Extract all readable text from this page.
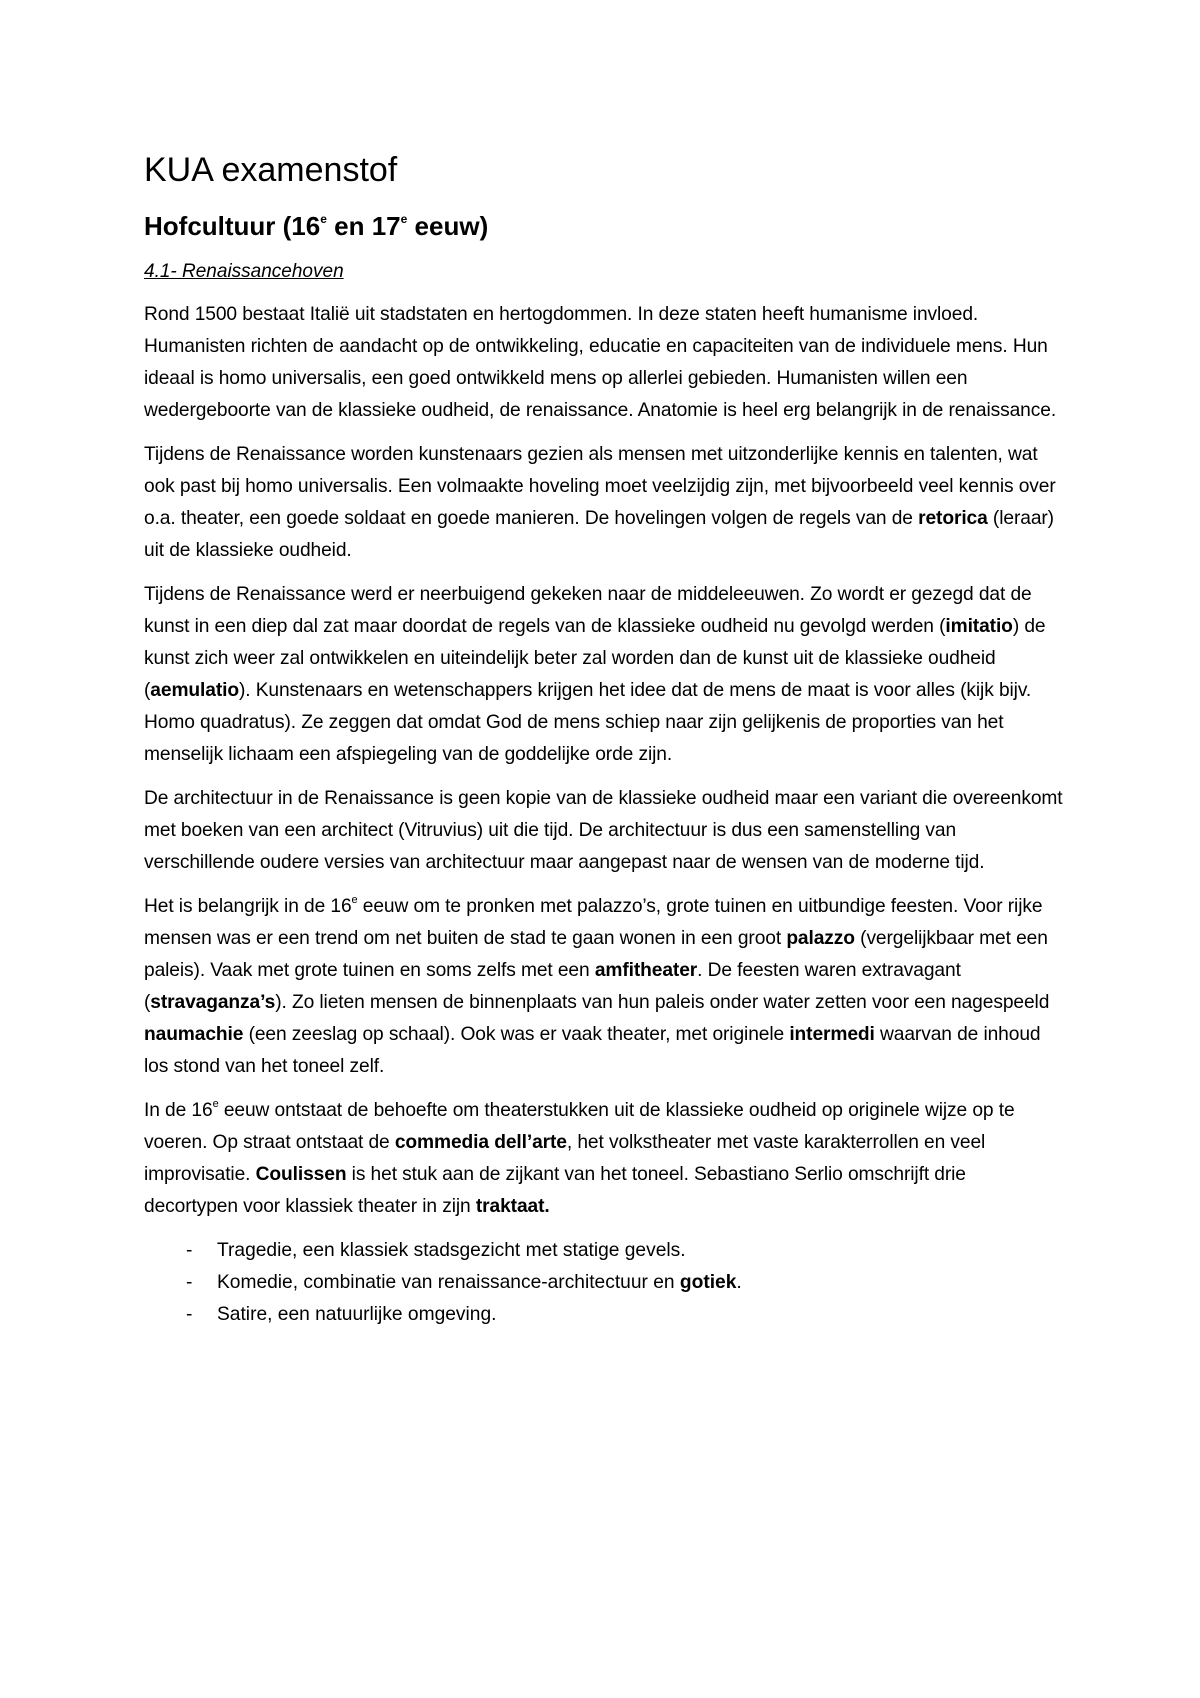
KUA examenstof
Hofcultuur (16e en 17e eeuw)
4.1- Renaissancehoven

Rond 1500 bestaat Italië uit stadstaten en hertogdommen. In deze staten heeft humanisme invloed. Humanisten richten de aandacht op de ontwikkeling, educatie en capaciteiten van de individuele mens. Hun ideaal is homo universalis, een goed ontwikkeld mens op allerlei gebieden. Humanisten willen een wedergeboorte van de klassieke oudheid, de renaissance. Anatomie is heel erg belangrijk in de renaissance.

Tijdens de Renaissance worden kunstenaars gezien als mensen met uitzonderlijke kennis en talenten, wat ook past bij homo universalis. Een volmaakte hoveling moet veelzijdig zijn, met bijvoorbeeld veel kennis over o.a. theater, een goede soldaat en goede manieren. De hovelingen volgen de regels van de retorica (leraar) uit de klassieke oudheid.

Tijdens de Renaissance werd er neerbuigend gekeken naar de middeleeuwen. Zo wordt er gezegd dat de kunst in een diep dal zat maar doordat de regels van de klassieke oudheid nu gevolgd werden (imitatio) de kunst zich weer zal ontwikkelen en uiteindelijk beter zal worden dan de kunst uit de klassieke oudheid (aemulatio). Kunstenaars en wetenschappers krijgen het idee dat de mens de maat is voor alles (kijk bijv. Homo quadratus). Ze zeggen dat omdat God de mens schiep naar zijn gelijkenis de proporties van het menselijk lichaam een afspiegeling van de goddelijke orde zijn.

De architectuur in de Renaissance is geen kopie van de klassieke oudheid maar een variant die overeenkomt met boeken van een architect (Vitruvius) uit die tijd. De architectuur is dus een samenstelling van verschillende oudere versies van architectuur maar aangepast naar de wensen van de moderne tijd.

Het is belangrijk in de 16e eeuw om te pronken met palazzo’s, grote tuinen en uitbundige feesten. Voor rijke mensen was er een trend om net buiten de stad te gaan wonen in een groot palazzo (vergelijkbaar met een paleis). Vaak met grote tuinen en soms zelfs met een amfitheater. De feesten waren extravagant (stravaganza’s). Zo lieten mensen de binnenplaats van hun paleis onder water zetten voor een nagespeeld naumachie (een zeeslag op schaal). Ook was er vaak theater, met originele intermedi waarvan de inhoud los stond van het toneel zelf.

In de 16e eeuw ontstaat de behoefte om theaterstukken uit de klassieke oudheid op originele wijze op te voeren. Op straat ontstaat de commedia dell’arte, het volkstheater met vaste karakterrollen en veel improvisatie. Coulissen is het stuk aan de zijkant van het toneel. Sebastiano Serlio omschrijft drie decortypen voor klassiek theater in zijn traktaat.

- Tragedie, een klassiek stadsgezicht met statige gevels.
- Komedie, combinatie van renaissance-architectuur en gotiek.
- Satire, een natuurlijke omgeving.
